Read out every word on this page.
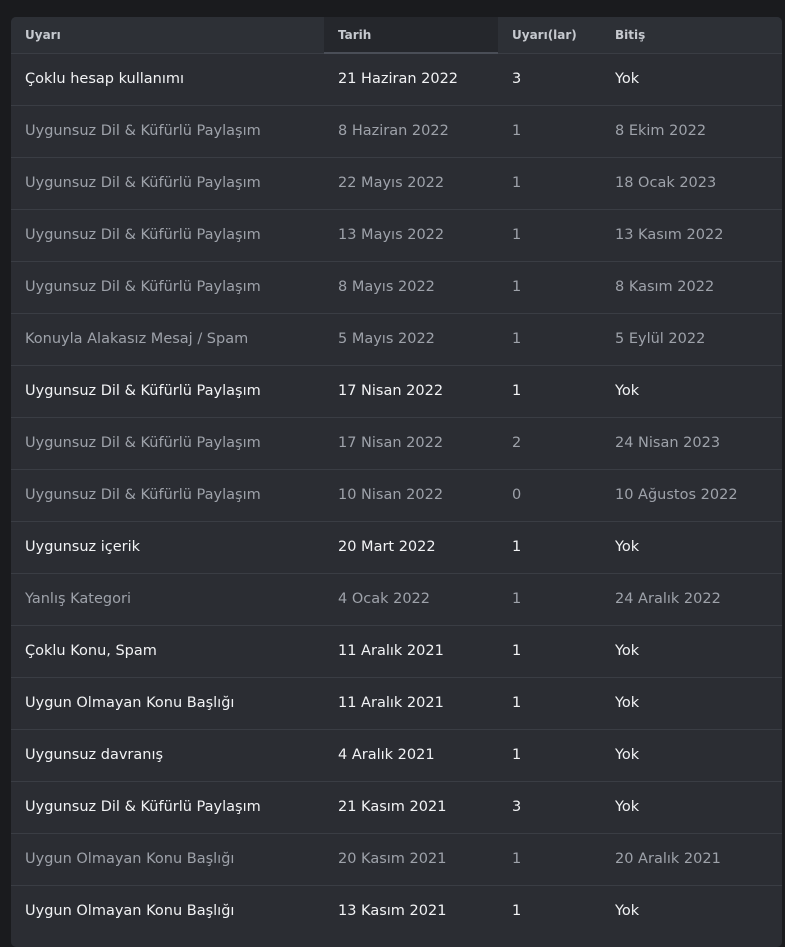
Uyarı	Tarih	Uyarı(lar)	Bitiş
Çoklu hesap kullanımı	21 Haziran 2022	3	Yok
Uygunsuz Dil & Küfürlü Paylaşım	8 Haziran 2022	1	8 Ekim 2022
Uygunsuz Dil & Küfürlü Paylaşım	22 Mayıs 2022	1	18 Ocak 2023
Uygunsuz Dil & Küfürlü Paylaşım	13 Mayıs 2022	1	13 Kasım 2022
Uygunsuz Dil & Küfürlü Paylaşım	8 Mayıs 2022	1	8 Kasım 2022
Konuyla Alakasız Mesaj / Spam	5 Mayıs 2022	1	5 Eylül 2022
Uygunsuz Dil & Küfürlü Paylaşım	17 Nisan 2022	1	Yok
Uygunsuz Dil & Küfürlü Paylaşım	17 Nisan 2022	2	24 Nisan 2023
Uygunsuz Dil & Küfürlü Paylaşım	10 Nisan 2022	0	10 Ağustos 2022
Uygunsuz içerik	20 Mart 2022	1	Yok
Yanlış Kategori	4 Ocak 2022	1	24 Aralık 2022
Çoklu Konu, Spam	11 Aralık 2021	1	Yok
Uygun Olmayan Konu Başlığı	11 Aralık 2021	1	Yok
Uygunsuz davranış	4 Aralık 2021	1	Yok
Uygunsuz Dil & Küfürlü Paylaşım	21 Kasım 2021	3	Yok
Uygun Olmayan Konu Başlığı	20 Kasım 2021	1	20 Aralık 2021
Uygun Olmayan Konu Başlığı	13 Kasım 2021	1	Yok
